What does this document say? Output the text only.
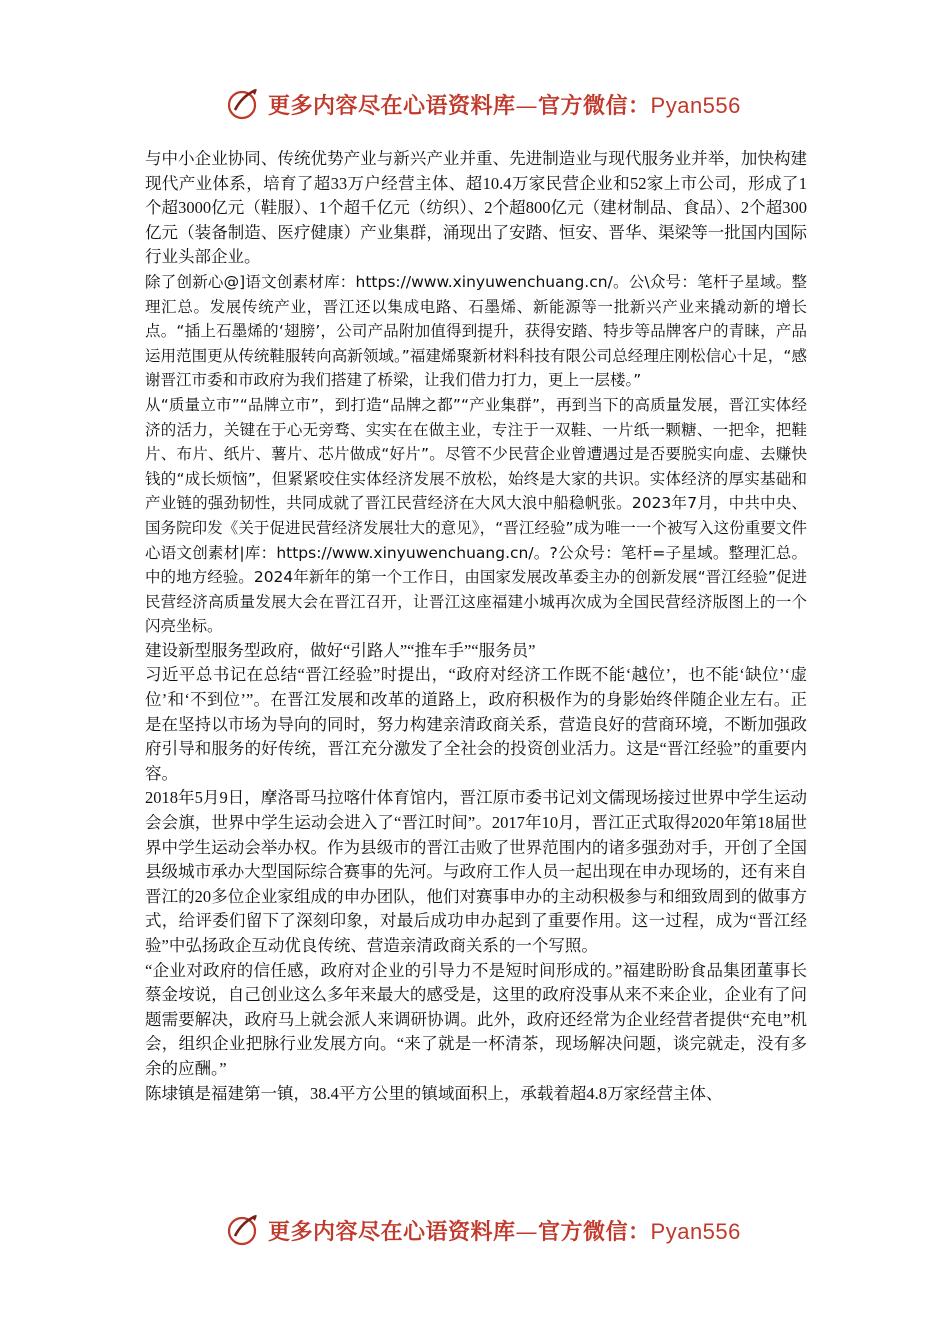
更多内容尽在心语资料库—官方微信：Pyan556

与中小企业协同、传统优势产业与新兴产业并重、先进制造业与现代服务业并举，加快构建现代产业体系，培育了超33万户经营主体、超10.4万家民营企业和52家上市公司，形成了1个超3000亿元（鞋服）、1个超千亿元（纺织）、2个超800亿元（建材制品、食品）、2个超300亿元（装备制造、医疗健康）产业集群，涌现出了安踏、恒安、晋华、渠梁等一批国内国际行业头部企业。

除了创新心@]语文创素材库：https://www.xinyuwenchuang.cn/。公\众号：笔杆子星域。整理汇总。发展传统产业，晋江还以集成电路、石墨烯、新能源等一批新兴产业来撬动新的增长点。“插上石墨烯的‘翅膀’，公司产品附加值得到提升，获得安踏、特步等品牌客户的青睐，产品运用范围更从传统鞋服转向高新领域。”福建烯聚新材料科技有限公司总经理庄刚松信心十足，“感谢晋江市委和市政府为我们搭建了桥梁，让我们借力打力，更上一层楼。”

从“质量立市”“品牌立市”，到打造“品牌之都”“产业集群”，再到当下的高质量发展，晋江实体经济的活力，关键在于心无旁骛、实实在在做主业，专注于一双鞋、一片纸一颗糖、一把伞，把鞋片、布片、纸片、薯片、芯片做成“好片”。尽管不少民营企业曾遭遇过是否要脱实向虚、去赚快钱的“成长烦恼”，但紧紧咬住实体经济发展不放松，始终是大家的共识。实体经济的厚实基础和产业链的强劲韧性，共同成就了晋江民营经济在大风大浪中船稳帆张。2023年7月，中共中央、国务院印发《关于促进民营经济发展壮大的意见》，“晋江经验”成为唯一一个被写入这份重要文件心语文创素材|库：https://www.xinyuwenchuang.cn/。?公众号：笔杆=子星域。整理汇总。中的地方经验。2024年新年的第一个工作日，由国家发展改革委主办的创新发展“晋江经验”促进民营经济高质量发展大会在晋江召开，让晋江这座福建小城再次成为全国民营经济版图上的一个闪亮坐标。

建设新型服务型政府，做好“引路人”“推车手”“服务员”

习近平总书记在总结“晋江经验”时提出，“政府对经济工作既不能‘越位’，也不能‘缺位’‘虚位’和‘不到位’”。在晋江发展和改革的道路上，政府积极作为的身影始终伴随企业左右。正是在坚持以市场为导向的同时，努力构建亲清政商关系，营造良好的营商环境，不断加强政府引导和服务的好传统，晋江充分激发了全社会的投资创业活力。这是“晋江经验”的重要内容。

2018年5月9日，摩洛哥马拉喀什体育馆内，晋江原市委书记刘文儒现场接过世界中学生运动会会旗，世界中学生运动会进入了“晋江时间”。2017年10月，晋江正式取得2020年第18届世界中学生运动会举办权。作为县级市的晋江击败了世界范围内的诸多强劲对手，开创了全国县级城市承办大型国际综合赛事的先河。与政府工作人员一起出现在申办现场的，还有来自晋江的20多位企业家组成的申办团队，他们对赛事申办的主动积极参与和细致周到的做事方式，给评委们留下了深刻印象，对最后成功申办起到了重要作用。这一过程，成为“晋江经验”中弘扬政企互动优良传统、营造亲清政商关系的一个写照。

“企业对政府的信任感，政府对企业的引导力不是短时间形成的。”福建盼盼食品集团董事长蔡金垵说，自己创业这么多年来最大的感受是，这里的政府没事从来不来企业，企业有了问题需要解决，政府马上就会派人来调研协调。此外，政府还经常为企业经营者提供“充电”机会，组织企业把脉行业发展方向。“来了就是一杯清茶，现场解决问题，谈完就走，没有多余的应酬。”

陈埭镇是福建第一镇，38.4平方公里的镇域面积上，承载着超4.8万家经营主体、

更多内容尽在心语资料库—官方微信：Pyan556
